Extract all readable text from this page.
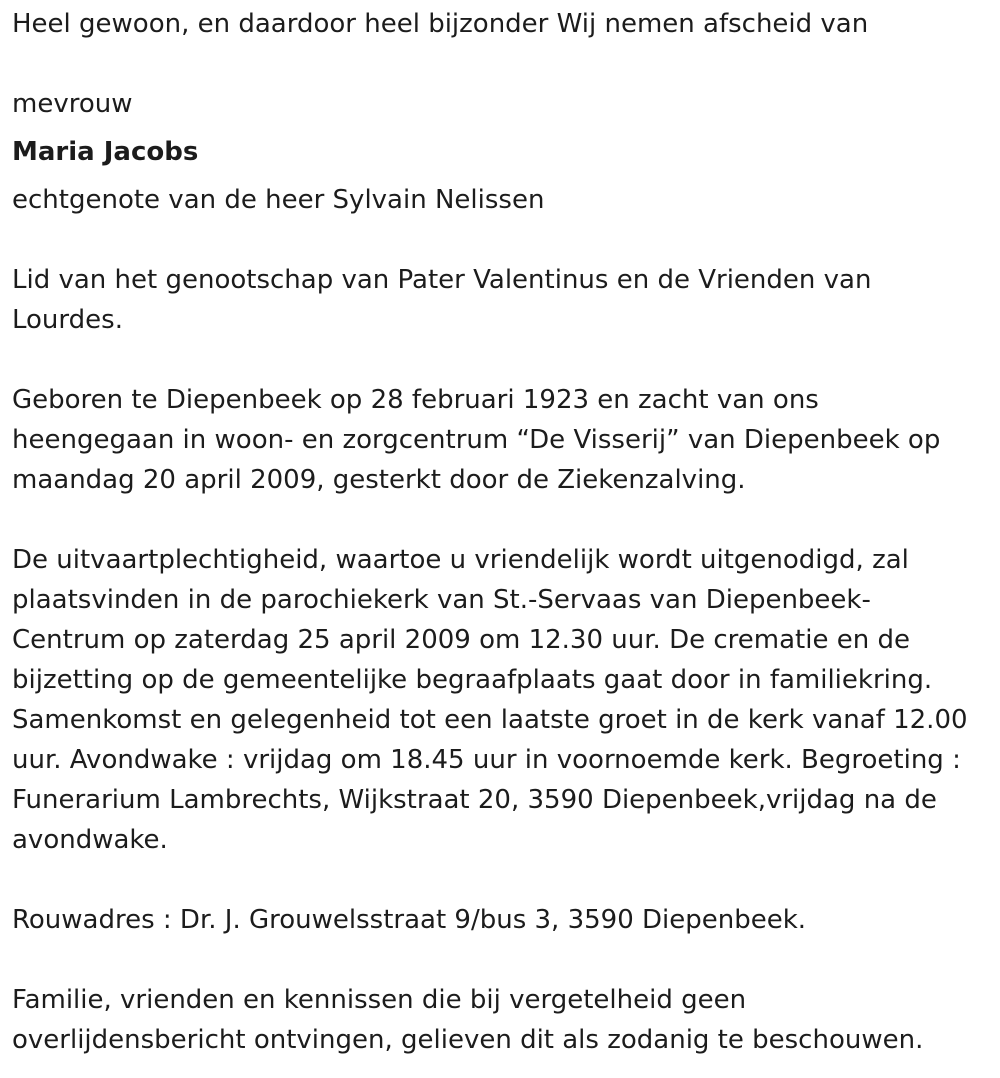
Heel gewoon, en daardoor heel bijzonder Wij nemen afscheid van

mevrouw

Maria Jacobs

echtgenote van de heer Sylvain Nelissen

Lid van het genootschap van Pater Valentinus en de Vrienden van

Lourdes.

Geboren te Diepenbeek op 28 februari 1923 en zacht van ons

heengegaan in woon- en zorgcentrum “De Visserij” van Diepenbeek op

maandag 20 april 2009, gesterkt door de Ziekenzalving.

De uitvaartplechtigheid, waartoe u vriendelijk wordt uitgenodigd, zal

plaatsvinden in de parochiekerk van St.-Servaas van Diepenbeek-

Centrum op zaterdag 25 april 2009 om 12.30 uur. De crematie en de

bijzetting op de gemeentelijke begraafplaats gaat door in familiekring.

Samenkomst en gelegenheid tot een laatste groet in de kerk vanaf 12.00

uur. Avondwake : vrijdag om 18.45 uur in voornoemde kerk. Begroeting :

Funerarium Lambrechts, Wijkstraat 20, 3590 Diepenbeek,vrijdag na de

avondwake.

Rouwadres : Dr. J. Grouwelsstraat 9/bus 3, 3590 Diepenbeek.

Familie, vrienden en kennissen die bij vergetelheid geen

overlijdensbericht ontvingen, gelieven dit als zodanig te beschouwen.
